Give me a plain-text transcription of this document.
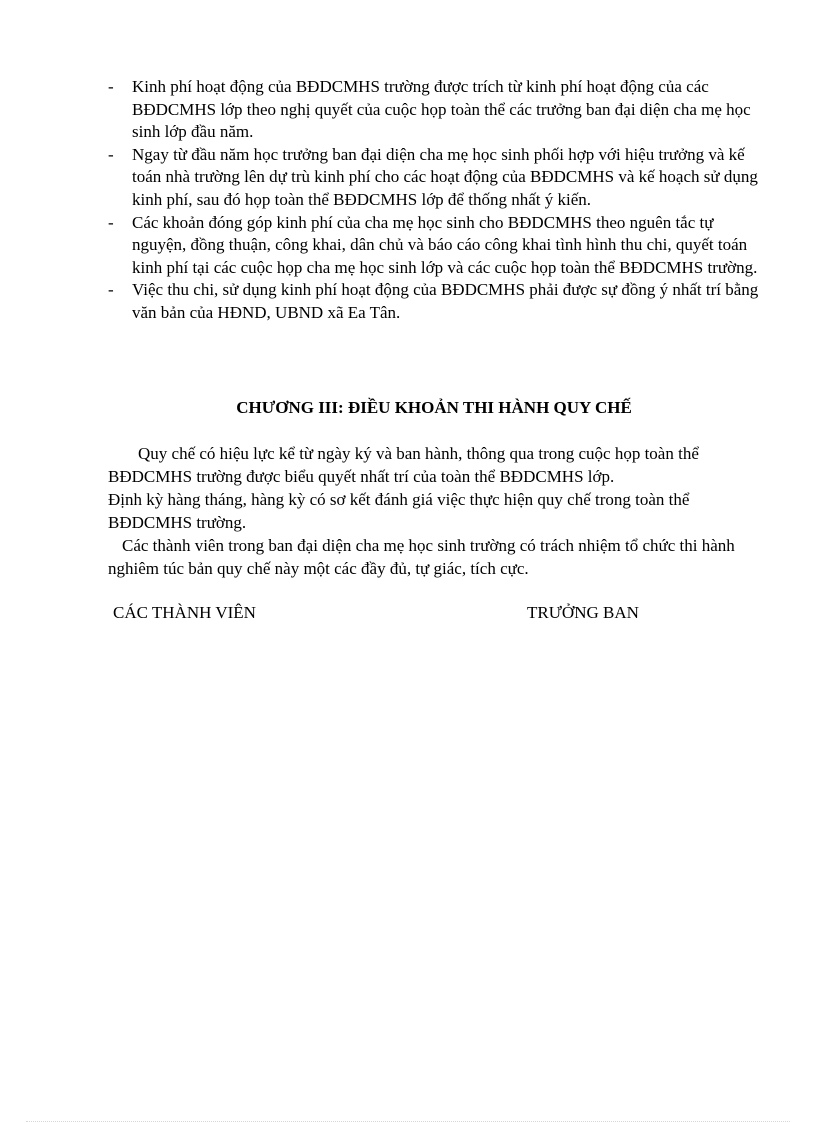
- Kinh phí hoạt động của BĐDCMHS trường được trích từ kinh phí hoạt động của các BĐDCMHS lớp theo nghị quyết của cuộc họp toàn thể các trưởng ban đại diện cha mẹ học sinh lớp đầu năm.
- Ngay từ đầu năm học trưởng ban đại diện cha mẹ học sinh phối hợp với hiệu trưởng và kế toán nhà trường lên dự trù kinh phí cho các hoạt động của BĐDCMHS và kế hoạch sử dụng kinh phí, sau đó họp toàn thể BĐDCMHS lớp để thống nhất ý kiến.
- Các khoản đóng góp kinh phí của cha mẹ học sinh cho BĐDCMHS theo nguên tắc tự nguyện, đồng thuận, công khai, dân chủ và báo cáo công khai tình hình thu chi, quyết toán kinh phí tại các cuộc họp cha mẹ học sinh lớp và các cuộc họp toàn thể BĐDCMHS trường.
- Việc thu chi, sử dụng kinh phí hoạt động của BĐDCMHS phải được sự đồng ý nhất trí bằng văn bản của HĐND, UBND xã Ea Tân.
CHƯƠNG III: ĐIỀU KHOẢN THI HÀNH QUY CHẾ

Quy chế có hiệu lực kể từ ngày ký và ban hành, thông qua trong cuộc họp toàn thể BĐDCMHS trường được biểu quyết nhất trí của toàn thể BĐDCMHS lớp.

Định kỳ hàng tháng, hàng kỳ có sơ kết đánh giá việc thực hiện quy chế trong toàn thể BĐDCMHS trường.

Các thành viên trong ban đại diện cha mẹ học sinh trường có trách nhiệm tổ chức thi hành nghiêm túc bản quy chế này một các đầy đủ, tự giác, tích cực.

CÁC THÀNH VIÊN	TRƯỞNG BAN
